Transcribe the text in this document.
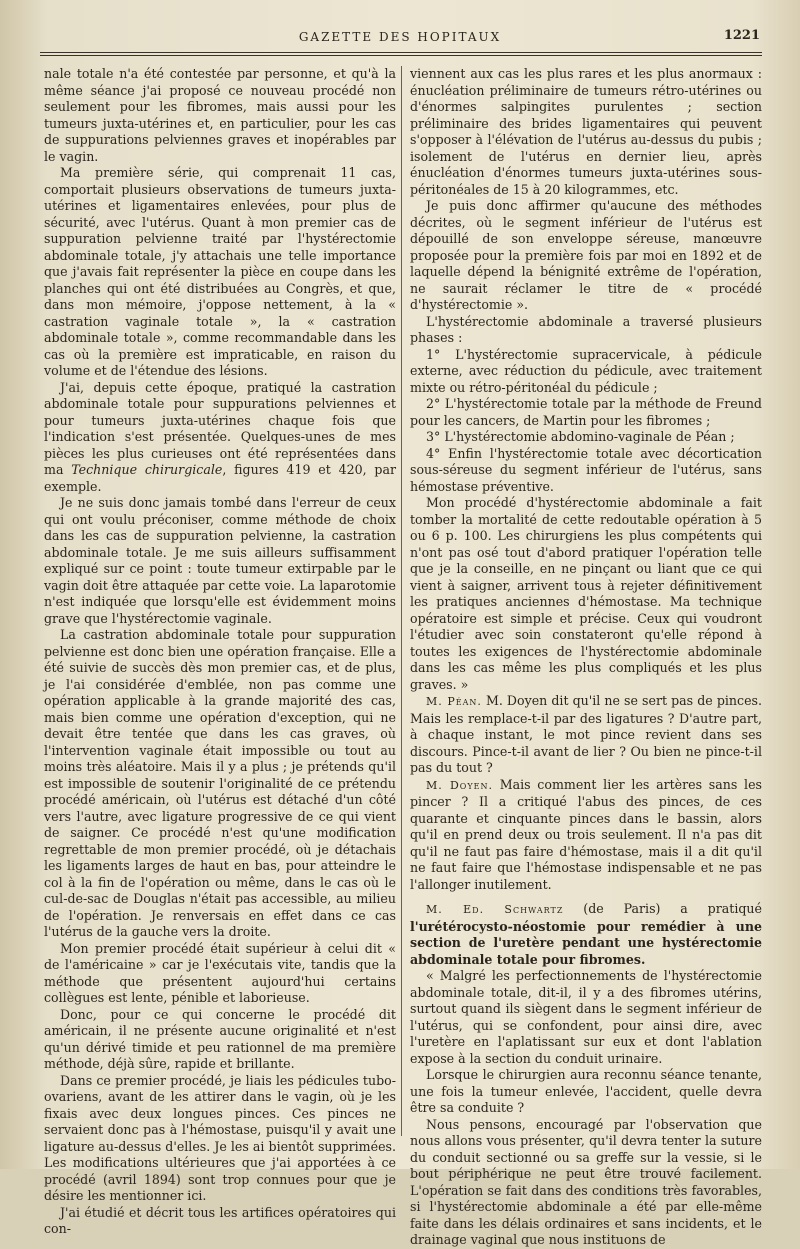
GAZETTE DES HOPITAUX	1221

nale totale n'a été contestée par personne, et qu'à la même séance j'ai proposé ce nouveau procédé non seulement pour les fibromes, mais aussi pour les tumeurs juxta-utérines et, en particulier, pour les cas de suppurations pelviennes graves et inopérables par le vagin.

Ma première série, qui comprenait 11 cas, comportait plusieurs observations de tumeurs juxta-utérines et ligamentaires enlevées, pour plus de sécurité, avec l'utérus. Quant à mon premier cas de suppuration pelvienne traité par l'hystérectomie abdominale totale, j'y attachais une telle importance que j'avais fait représenter la pièce en coupe dans les planches qui ont été distribuées au Congrès, et que, dans mon mémoire, j'oppose nettement, à la « castration vaginale totale », la « castration abdominale totale », comme recommandable dans les cas où la première est impraticable, en raison du volume et de l'étendue des lésions.

J'ai, depuis cette époque, pratiqué la castration abdominale totale pour suppurations pelviennes et pour tumeurs juxta-utérines chaque fois que l'indication s'est présentée. Quelques-unes de mes pièces les plus curieuses ont été représentées dans ma Technique chirurgicale, figures 419 et 420, par exemple.

Je ne suis donc jamais tombé dans l'erreur de ceux qui ont voulu préconiser, comme méthode de choix dans les cas de suppuration pelvienne, la castration abdominale totale. Je me suis ailleurs suffisamment expliqué sur ce point : toute tumeur extirpable par le vagin doit être attaquée par cette voie. La laparotomie n'est indiquée que lorsqu'elle est évidemment moins grave que l'hystérectomie vaginale.

La castration abdominale totale pour suppuration pelvienne est donc bien une opération française. Elle a été suivie de succès dès mon premier cas, et de plus, je l'ai considérée d'emblée, non pas comme une opération applicable à la grande majorité des cas, mais bien comme une opération d'exception, qui ne devait être tentée que dans les cas graves, où l'intervention vaginale était impossible ou tout au moins très aléatoire. Mais il y a plus ; je prétends qu'il est impossible de soutenir l'originalité de ce prétendu procédé américain, où l'utérus est détaché d'un côté vers l'autre, avec ligature progressive de ce qui vient de saigner. Ce procédé n'est qu'une modification regrettable de mon premier procédé, où je détachais les ligaments larges de haut en bas, pour atteindre le col à la fin de l'opération ou même, dans le cas où le cul-de-sac de Douglas n'était pas accessible, au milieu de l'opération. Je renversais en effet dans ce cas l'utérus de la gauche vers la droite.

Mon premier procédé était supérieur à celui dit « de l'américaine » car je l'exécutais vite, tandis que la méthode que présentent aujourd'hui certains collègues est lente, pénible et laborieuse.

Donc, pour ce qui concerne le procédé dit américain, il ne présente aucune originalité et n'est qu'un dérivé timide et peu rationnel de ma première méthode, déjà sûre, rapide et brillante.

Dans ce premier procédé, je liais les pédicules tubo-ovariens, avant de les attirer dans le vagin, où je les fixais avec deux longues pinces. Ces pinces ne servaient donc pas à l'hémostase, puisqu'il y avait une ligature au-dessus d'elles. Je les ai bientôt supprimées. Les modifications ultérieures que j'ai apportées à ce procédé (avril 1894) sont trop connues pour que je désire les mentionner ici.

J'ai étudié et décrit tous les artifices opératoires qui con-

viennent aux cas les plus rares et les plus anormaux : énucléation préliminaire de tumeurs rétro-utérines ou d'énormes salpingites purulentes ; section préliminaire des brides ligamentaires qui peuvent s'opposer à l'élévation de l'utérus au-dessus du pubis ; isolement de l'utérus en dernier lieu, après énucléation d'énormes tumeurs juxta-utérines sous-péritonéales de 15 à 20 kilogrammes, etc.

Je puis donc affirmer qu'aucune des méthodes décrites, où le segment inférieur de l'utérus est dépouillé de son enveloppe séreuse, manœuvre proposée pour la première fois par moi en 1892 et de laquelle dépend la bénignité extrême de l'opération, ne saurait réclamer le titre de « procédé d'hystérectomie ».

L'hystérectomie abdominale a traversé plusieurs phases :

1° L'hystérectomie supracervicale, à pédicule externe, avec réduction du pédicule, avec traitement mixte ou rétro-péritonéal du pédicule ;

2° L'hystérectomie totale par la méthode de Freund pour les cancers, de Martin pour les fibromes ;

3° L'hystérectomie abdomino-vaginale de Péan ;

4° Enfin l'hystérectomie totale avec décortication sous-séreuse du segment inférieur de l'utérus, sans hémostase préventive.

Mon procédé d'hystérectomie abdominale a fait tomber la mortalité de cette redoutable opération à 5 ou 6 p. 100. Les chirurgiens les plus compétents qui n'ont pas osé tout d'abord pratiquer l'opération telle que je la conseille, en ne pinçant ou liant que ce qui vient à saigner, arrivent tous à rejeter définitivement les pratiques anciennes d'hémostase. Ma technique opératoire est simple et précise. Ceux qui voudront l'étudier avec soin constateront qu'elle répond à toutes les exigences de l'hystérectomie abdominale dans les cas même les plus compliqués et les plus graves. »

M. Péan. M. Doyen dit qu'il ne se sert pas de pinces. Mais les remplace-t-il par des ligatures ? D'autre part, à chaque instant, le mot pince revient dans ses discours. Pince-t-il avant de lier ? Ou bien ne pince-t-il pas du tout ?

M. Doyen. Mais comment lier les artères sans les pincer ? Il a critiqué l'abus des pinces, de ces quarante et cinquante pinces dans le bassin, alors qu'il en prend deux ou trois seulement. Il n'a pas dit qu'il ne faut pas faire d'hémostase, mais il a dit qu'il ne faut faire que l'hémostase indispensable et ne pas l'allonger inutilement.

M. Ed. Schwartz (de Paris) a pratiqué l'urétérocysto-néostomie pour remédier à une section de l'uretère pendant une hystérectomie abdominale totale pour fibromes.

« Malgré les perfectionnements de l'hystérectomie abdominale totale, dit-il, il y a des fibromes utérins, surtout quand ils siègent dans le segment inférieur de l'utérus, qui se confondent, pour ainsi dire, avec l'uretère en l'aplatissant sur eux et dont l'ablation expose à la section du conduit urinaire.

Lorsque le chirurgien aura reconnu séance tenante, une fois la tumeur enlevée, l'accident, quelle devra être sa conduite ?

Nous pensons, encouragé par l'observation que nous allons vous présenter, qu'il devra tenter la suture du conduit sectionné ou sa greffe sur la vessie, si le bout périphérique ne peut être trouvé facilement. L'opération se fait dans des conditions très favorables, si l'hystérectomie abdominale a été par elle-même faite dans les délais ordinaires et sans incidents, et le drainage vaginal que nous instituons de
